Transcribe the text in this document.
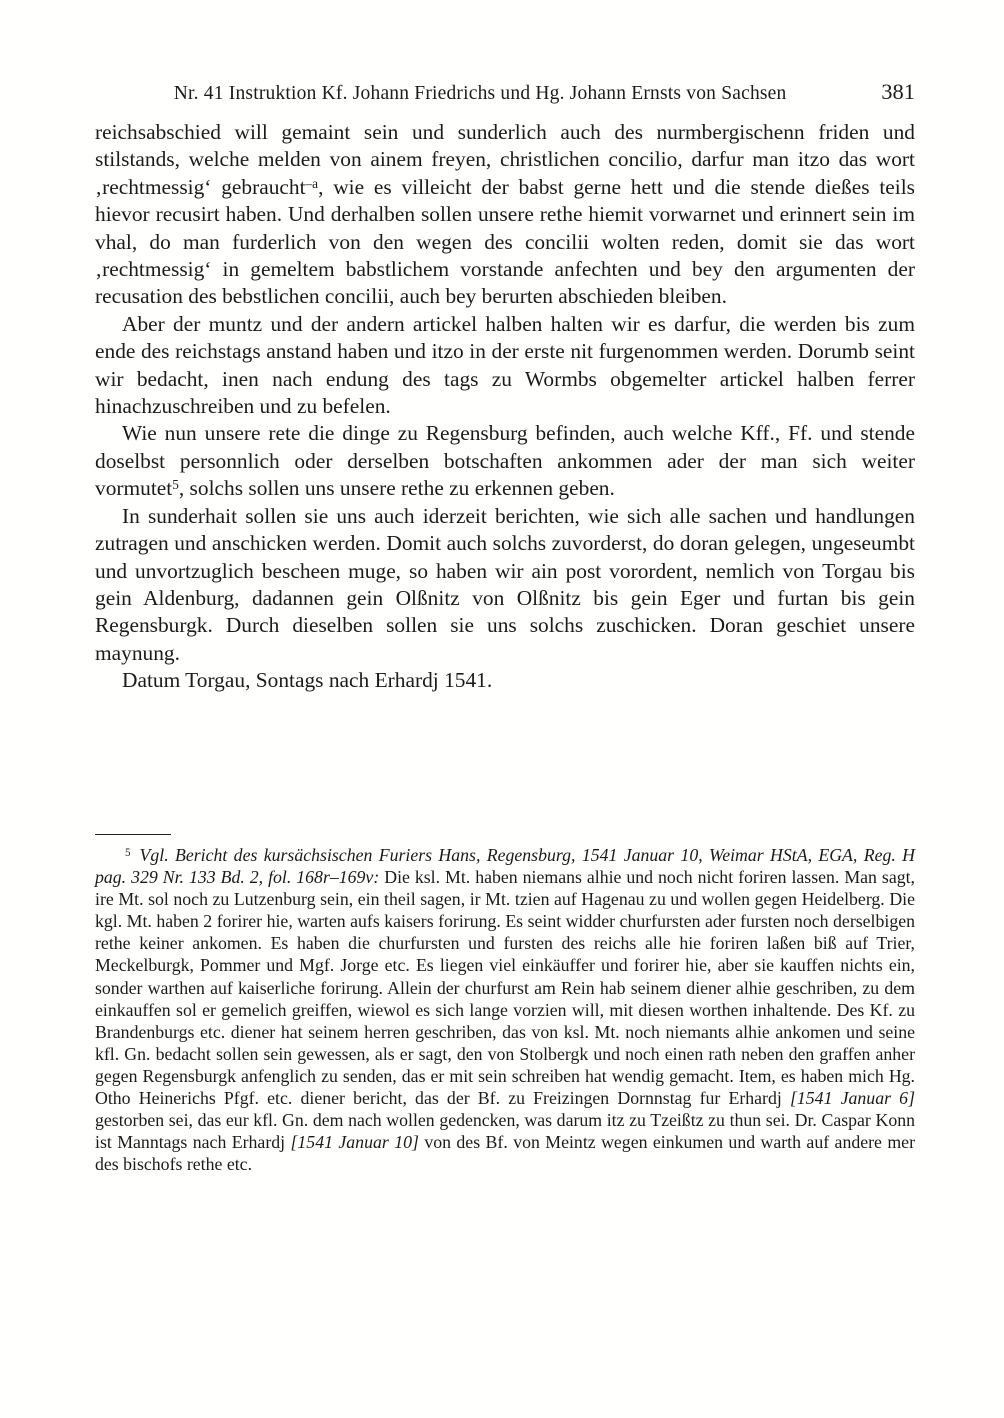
Nr. 41 Instruktion Kf. Johann Friedrichs und Hg. Johann Ernsts von Sachsen	381

reichsabschied will gemaint sein und sunderlich auch des nurmbergischenn friden und stilstands, welche melden von ainem freyen, christlichen concilio, darfur man itzo das wort ‚rechtmessig‘ gebraucht$^{-a}$, wie es villeicht der babst gerne hett und die stende dießes teils hievor recusirt haben. Und derhalben sollen unsere rethe hiemit vorwarnet und erinnert sein im vhal, do man furderlich von den wegen des concilii wolten reden, domit sie das wort ‚rechtmessig‘ in gemeltem babstlichem vorstande anfechten und bey den argumenten der recusation des bebstlichen concilii, auch bey berurten abschieden bleiben.

Aber der muntz und der andern artickel halben halten wir es darfur, die werden bis zum ende des reichstags anstand haben und itzo in der erste nit furgenommen werden. Dorumb seint wir bedacht, inen nach endung des tags zu Wormbs obgemelter artickel halben ferrer hinachzuschreiben und zu befelen.

Wie nun unsere rete die dinge zu Regensburg befinden, auch welche Kff., Ff. und stende doselbst personnlich oder derselben botschaften ankommen ader der man sich weiter vormutet$^5$, solchs sollen uns unsere rethe zu erkennen geben.

In sunderhait sollen sie uns auch iderzeit berichten, wie sich alle sachen und handlungen zutragen und anschicken werden. Domit auch solchs zuvorderst, do doran gelegen, ungeseumbt und unvortzuglich bescheen muge, so haben wir ain post vorordent, nemlich von Torgau bis gein Aldenburg, dadannen gein Olßnitz von Olßnitz bis gein Eger und furtan bis gein Regensburgk. Durch dieselben sollen sie uns solchs zuschicken. Doran geschiet unsere maynung.

Datum Torgau, Sontags nach Erhardj 1541.

$^5$ Vgl. Bericht des kursächsischen Furiers Hans, Regensburg, 1541 Januar 10, Weimar HStA, EGA, Reg. H pag. 329 Nr. 133 Bd. 2, fol. 168r–169v: Die ksl. Mt. haben niemans alhie und noch nicht foriren lassen. Man sagt, ire Mt. sol noch zu Lutzenburg sein, ein theil sagen, ir Mt. tzien auf Hagenau zu und wollen gegen Heidelberg. Die kgl. Mt. haben 2 forirer hie, warten aufs kaisers forirung. Es seint widder churfursten ader fursten noch derselbigen rethe keiner ankomen. Es haben die churfursten und fursten des reichs alle hie foriren laßen biß auf Trier, Meckelburgk, Pommer und Mgf. Jorge etc. Es liegen viel einkäuffer und forirer hie, aber sie kauffen nichts ein, sonder warthen auf kaiserliche forirung. Allein der churfurst am Rein hab seinem diener alhie geschriben, zu dem einkauffen sol er gemelich greiffen, wiewol es sich lange vorzien will, mit diesen worthen inhaltende. Des Kf. zu Brandenburgs etc. diener hat seinem herren geschriben, das von ksl. Mt. noch niemants alhie ankomen und seine kfl. Gn. bedacht sollen sein gewessen, als er sagt, den von Stolbergk und noch einen rath neben den graffen anher gegen Regensburgk anfenglich zu senden, das er mit sein schreiben hat wendig gemacht. Item, es haben mich Hg. Otho Heinerichs Pfgf. etc. diener bericht, das der Bf. zu Freizingen Dornnstag fur Erhardj [1541 Januar 6] gestorben sei, das eur kfl. Gn. dem nach wollen gedencken, was darum itz zu Tzeißtz zu thun sei. Dr. Caspar Konn ist Manntags nach Erhardj [1541 Januar 10] von des Bf. von Meintz wegen einkumen und warth auf andere mer des bischofs rethe etc.
